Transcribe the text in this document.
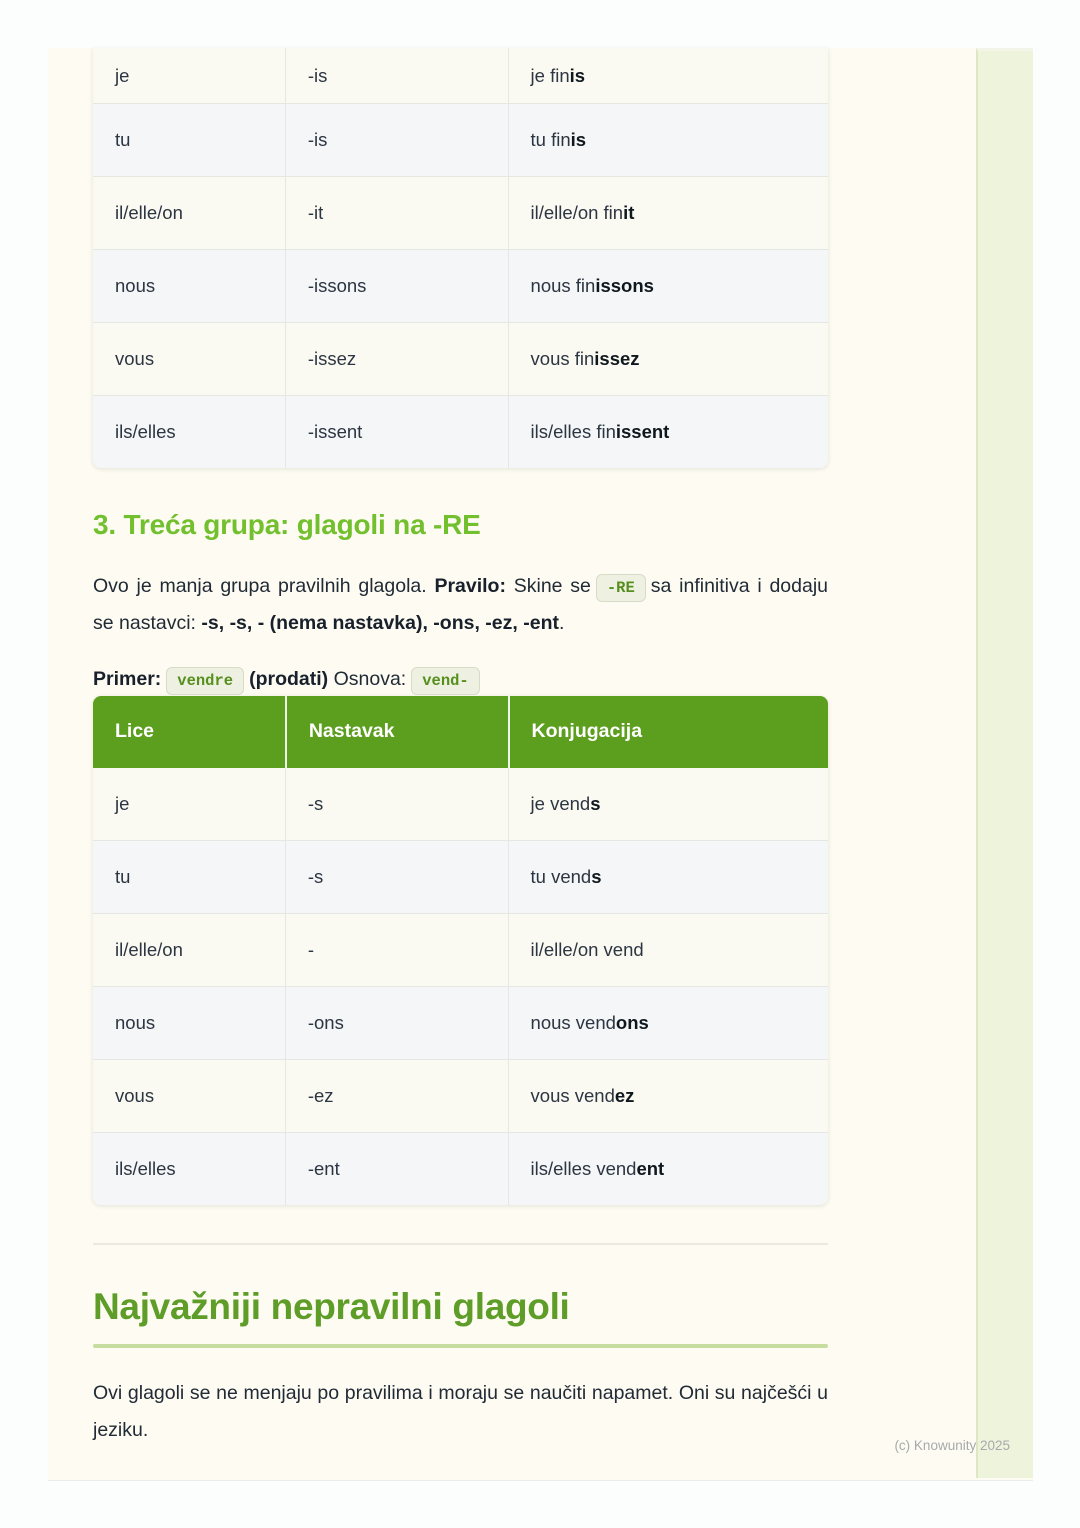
je	-is	je fin is
tu	-is	tu fin is
il/elle/on	-it	il/elle/on fin it
nous	-issons	nous fin issons
vous	-issez	vous fin issez
ils/elles	-issent	ils/elles fin issent
3. Treća grupa: glagoli na -RE

Ovo je manja grupa pravilnih glagola. Pravilo: Skine se -RE sa infinitiva i dodaju se nastavci: -s, -s, - (nema nastavka), -ons, -ez, -ent.

Primer: vendre (prodati) Osnova: vend-

Lice	Nastavak	Konjugacija
je	-s	je vend s
tu	-s	tu vend s
il/elle/on	-	il/elle/on vend
nous	-ons	nous vend ons
vous	-ez	vous vend ez
ils/elles	-ent	ils/elles vend ent
Najvažniji nepravilni glagoli

Ovi glagoli se ne menjaju po pravilima i moraju se naučiti napamet. Oni su najčešći u jeziku.

(c) Knowunity 2025
